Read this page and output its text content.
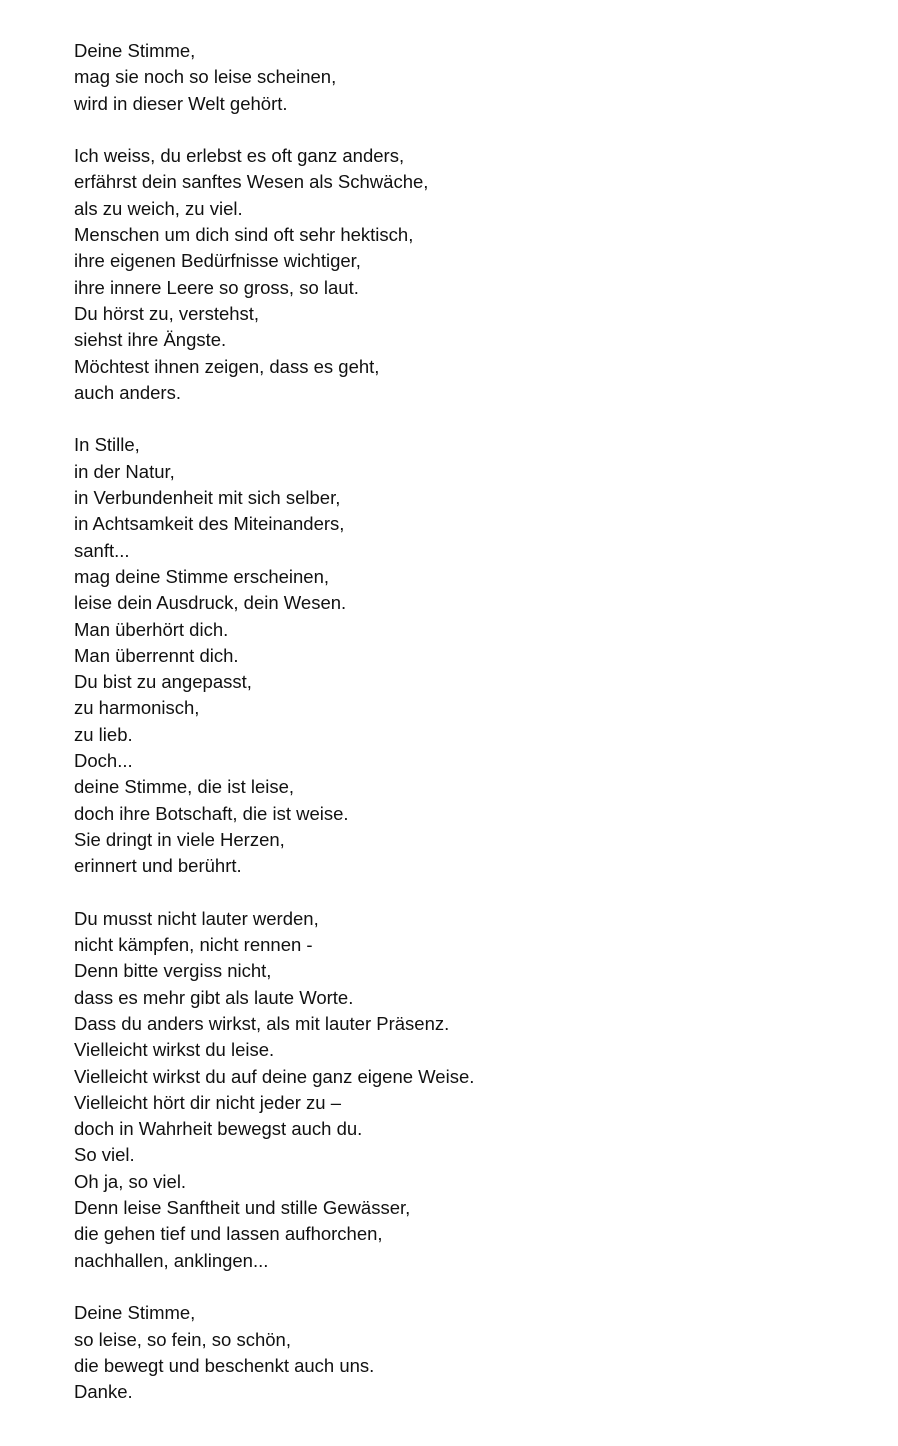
Deine Stimme,
mag sie noch so leise scheinen,
wird in dieser Welt gehört.
Ich weiss, du erlebst es oft ganz anders,
erfährst dein sanftes Wesen als Schwäche,
als zu weich, zu viel.
Menschen um dich sind oft sehr hektisch,
ihre eigenen Bedürfnisse wichtiger,
ihre innere Leere so gross, so laut.
Du hörst zu, verstehst,
siehst ihre Ängste.
Möchtest ihnen zeigen, dass es geht,
auch anders.
In Stille,
in der Natur,
in Verbundenheit mit sich selber,
in Achtsamkeit des Miteinanders,
sanft...
mag deine Stimme erscheinen,
leise dein Ausdruck, dein Wesen.
Man überhört dich.
Man überrennt dich.
Du bist zu angepasst,
zu harmonisch,
zu lieb.
Doch...
deine Stimme, die ist leise,
doch ihre Botschaft, die ist weise.
Sie dringt in viele Herzen,
erinnert und berührt.
Du musst nicht lauter werden,
nicht kämpfen, nicht rennen -
Denn bitte vergiss nicht,
dass es mehr gibt als laute Worte.
Dass du anders wirkst, als mit lauter Präsenz.
Vielleicht wirkst du leise.
Vielleicht wirkst du auf deine ganz eigene Weise.
Vielleicht hört dir nicht jeder zu –
doch in Wahrheit bewegst auch du.
So viel.
Oh ja, so viel.
Denn leise Sanftheit und stille Gewässer,
die gehen tief und lassen aufhorchen,
nachhallen, anklingen...
Deine Stimme,
so leise, so fein, so schön,
die bewegt und beschenkt auch uns.
Danke.
